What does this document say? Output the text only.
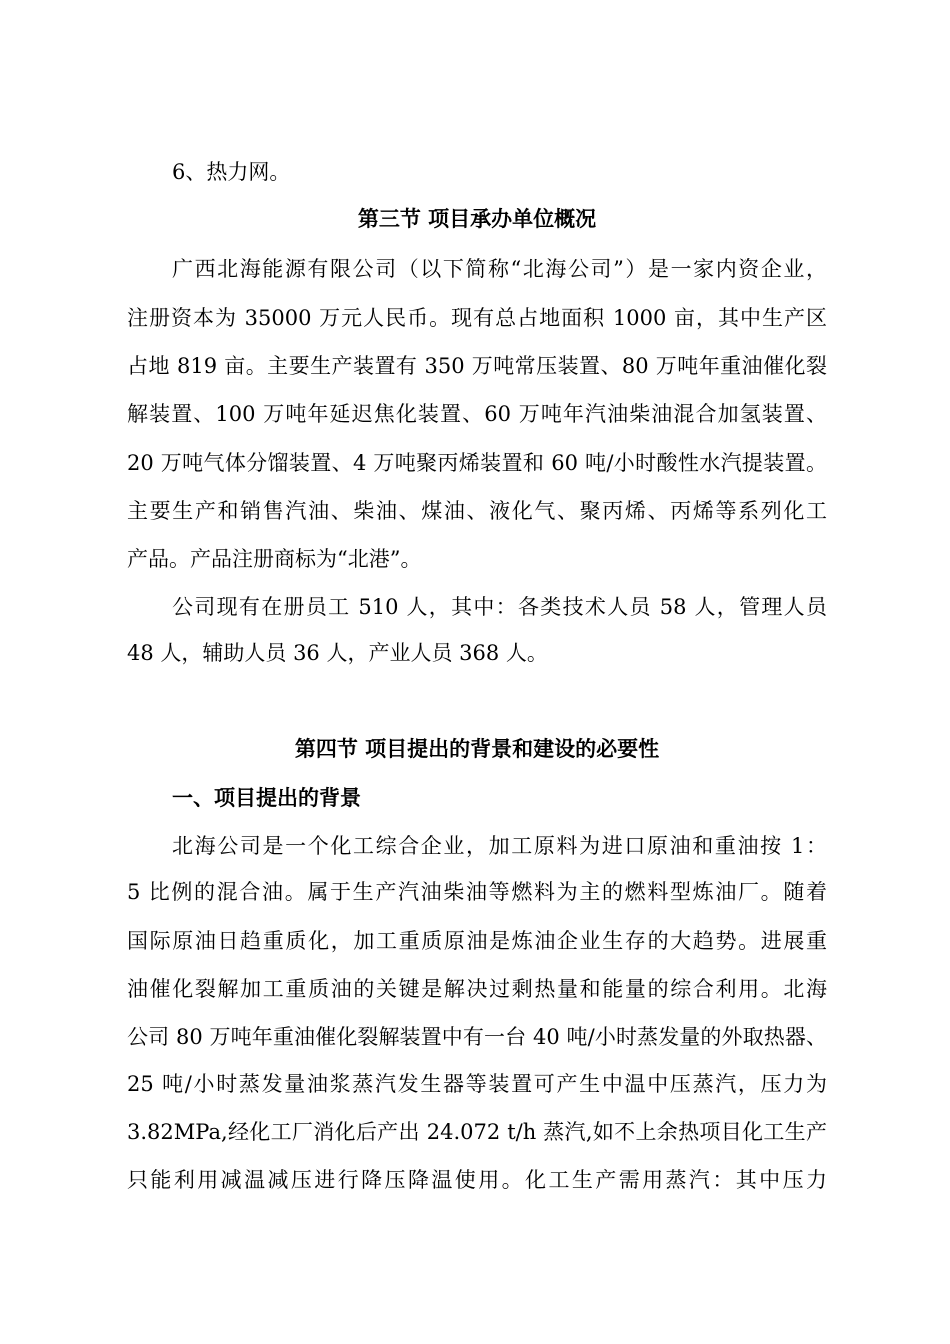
6、热力网。
第三节 项目承办单位概况
广西北海能源有限公司（以下简称“北海公司”）是一家内资企业，
注册资本为 35000 万元人民币。现有总占地面积 1000 亩，其中生产区
占地 819 亩。主要生产装置有 350 万吨常压装置、80 万吨年重油催化裂
解装置、100 万吨年延迟焦化装置、60 万吨年汽油柴油混合加氢装置、
20 万吨气体分馏装置、4 万吨聚丙烯装置和 60 吨/小时酸性水汽提装置。
主要生产和销售汽油、柴油、煤油、液化气、聚丙烯、丙烯等系列化工
产品。产品注册商标为“北港”。
公司现有在册员工 510 人，其中：各类技术人员 58 人，管理人员
48 人，辅助人员 36 人，产业人员 368 人。
第四节 项目提出的背景和建设的必要性
一、项目提出的背景
北海公司是一个化工综合企业，加工原料为进口原油和重油按 1：
5 比例的混合油。属于生产汽油柴油等燃料为主的燃料型炼油厂。随着
国际原油日趋重质化，加工重质原油是炼油企业生存的大趋势。进展重
油催化裂解加工重质油的关键是解决过剩热量和能量的综合利用。北海
公司 80 万吨年重油催化裂解装置中有一台 40 吨/小时蒸发量的外取热器、
25 吨/小时蒸发量油浆蒸汽发生器等装置可产生中温中压蒸汽，压力为
3.82MPa,经化工厂消化后产出 24.072 t/h 蒸汽,如不上余热项目化工生产
只能利用减温减压进行降压降温使用。化工生产需用蒸汽：其中压力
